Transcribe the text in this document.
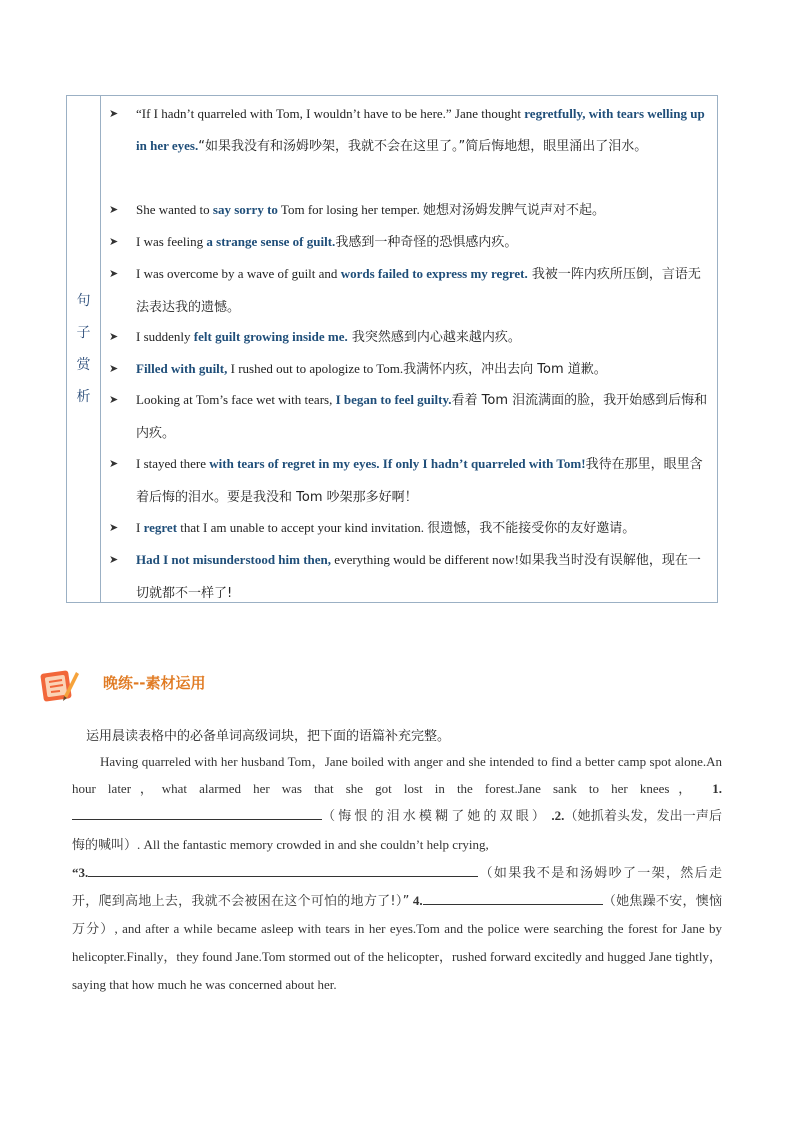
句
子
赏
析
➤ “If I hadn’t quarreled with Tom, I wouldn’t have to be here.” Jane thought regretfully, with tears welling up in her eyes.“如果我没有和汤姆吵架，我就不会在这里了。”简后悔地想，眼里涌出了泪水。
➤ She wanted to say sorry to Tom for losing her temper. 她想对汤姆发脾气说声对不起。
➤ I was feeling a strange sense of guilt.我感到一种奇怪的恐惧感内疚。
➤ I was overcome by a wave of guilt and words failed to express my regret. 我被一阵内疚所压倒，言语无法表达我的遗憾。
➤ I suddenly felt guilt growing inside me. 我突然感到内心越来越内疚。
➤ Filled with guilt, I rushed out to apologize to Tom.我满怀内疚，冲出去向 Tom 道歉。
➤ Looking at Tom’s face wet with tears, I began to feel guilty.看着 Tom 泪流满面的脸，我开始感到后悔和内疚。
➤ I stayed there with tears of regret in my eyes. If only I hadn’t quarreled with Tom!我待在那里，眼里含着后悔的泪水。要是我没和 Tom 吵架那多好啊！
➤ I regret that I am unable to accept your kind invitation. 很遗憾，我不能接受你的友好邀请。
➤ Had I not misunderstood him then, everything would be different now!如果我当时没有误解他，现在一切就都不一样了!
晚练--素材运用
运用晨读表格中的必备单词高级词块，把下面的语篇补充完整。
Having quarreled with her husband Tom，Jane boiled with anger and she intended to find a better camp spot alone.An hour later，what alarmed her was that she got lost in the forest.Jane sank to her knees， 1.（悔恨的泪水模糊了她的双眼） .2.（她抓着头发，发出一声后悔的喊叫）. All the fantastic memory crowded in and she couldn’t help crying,
“3.	（如果我不是和汤姆吵了一架，然后走开，爬到高地上去，我就不会被困在这个可怕的地方了!）” 4.	（她焦躁不安，懊恼万分）, and after a while became asleep with tears in her eyes.Tom and the police were searching the forest for Jane by helicopter.Finally，they found Jane.Tom stormed out of the helicopter，rushed forward excitedly and hugged Jane tightly，saying that how much he was concerned about her.
